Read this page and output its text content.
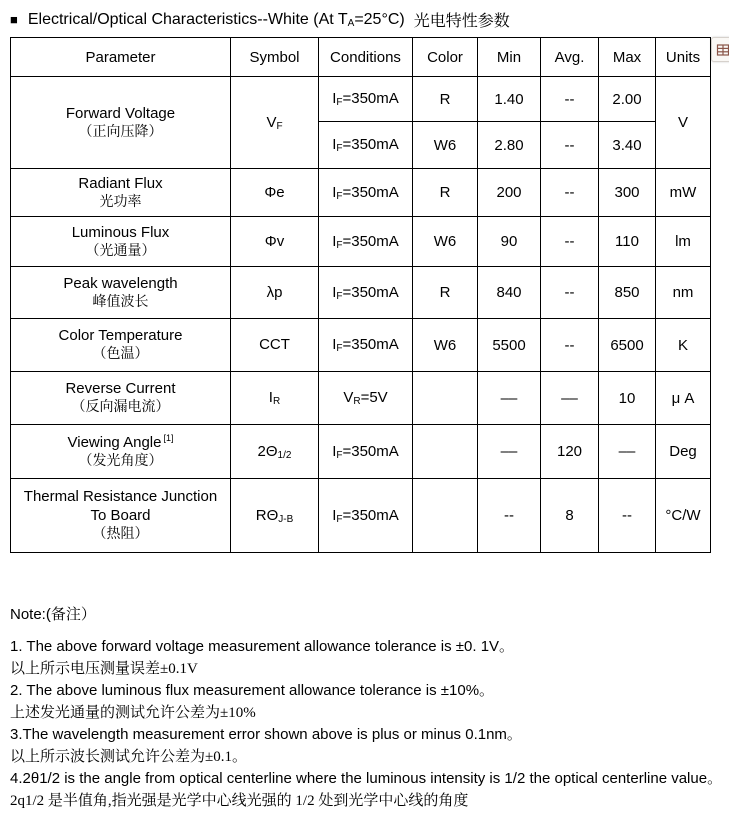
■ Electrical/Optical Characteristics--White (At $T_A=25^\circ C$) 光电特性参数
Parameter	Symbol	Conditions	Color	Min	Avg.	Max	Units

Forward Voltage
（正向压降）	$V_F$	$I_F=350mA$	R	1.40	--	2.00	V
		$I_F=350mA$	W6	2.80	--	3.40	

Radiant Flux
光功率	Φe	$I_F=350mA$	R	200	--	300	mW

Luminous Flux
（光通量）	Φv	$I_F=350mA$	W6	90	--	110	lm

Peak wavelength
峰值波长	λp	$I_F=350mA$	R	840	--	850	nm

Color Temperature
（色温）	CCT	$I_F=350mA$	W6	5500	--	6500	K

Reverse Current
（反向漏电流）	$I_R$	$V_R=5V$		––	––	10	μ A

Viewing Angle [1]
（发光角度）	$2\Theta_{1/2}$	$I_F=350mA$		––	120	––	Deg

Thermal Resistance Junction To Board
（热阻）	$R\Theta_{J-B}$	$I_F=350mA$		--	8	--	°C/W
Note:(备注）
1. The above forward voltage measurement allowance tolerance is ±0. 1V。
以上所示电压测量误差±0.1V
2. The above luminous flux measurement allowance tolerance is ±10%。
上述发光通量的测试允许公差为±10%
3.The wavelength measurement error shown above is plus or minus 0.1nm。
以上所示波长测试允许公差为±0.1。
4.2θ1/2 is the angle from optical centerline where the luminous intensity is 1/2 the optical centerline value。
2q1/2 是半值角,指光强是光学中心线光强的 1/2 处到光学中心线的角度
